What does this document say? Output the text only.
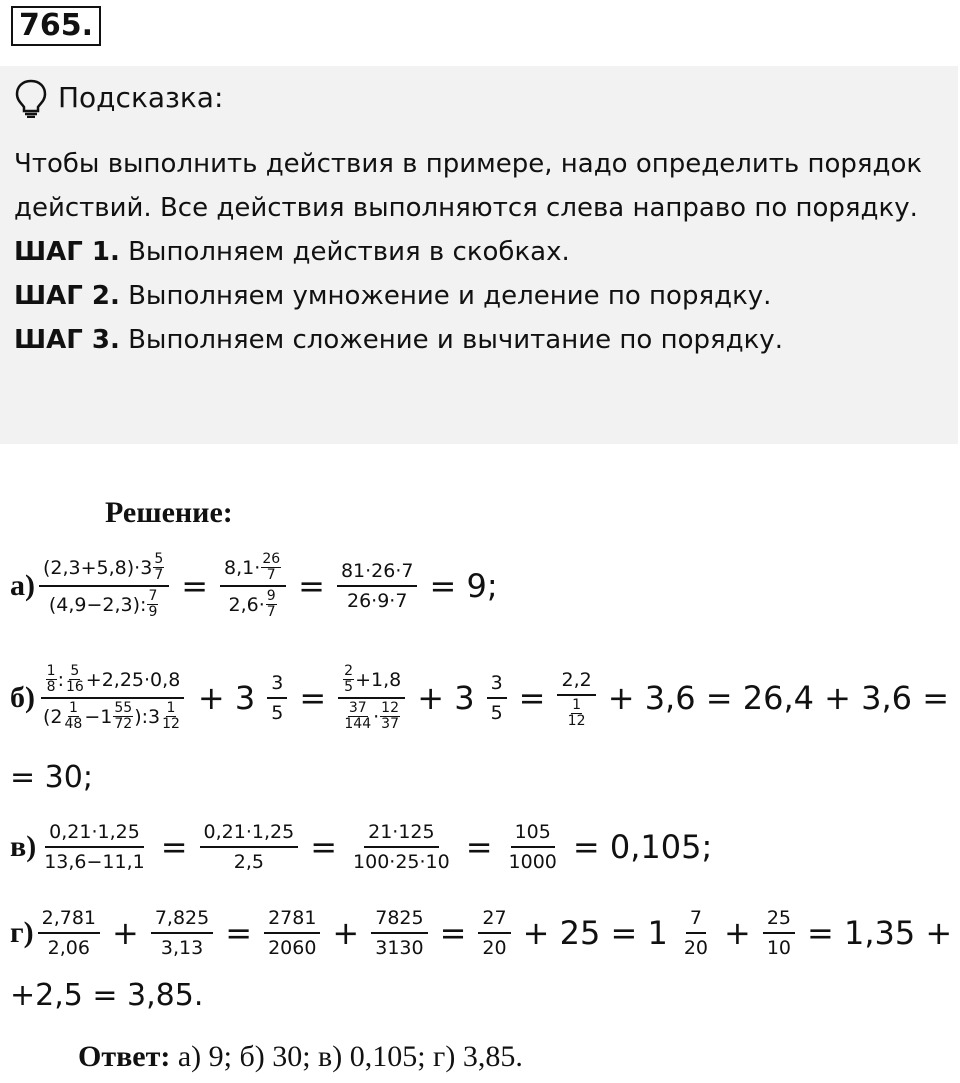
765.
Подсказка:

Чтобы выполнить действия в примере, надо определить порядок действий. Все действия выполняются слева направо по порядку.

ШАГ 1. Выполняем действия в скобках.

ШАГ 2. Выполняем умножение и деление по порядку.

ШАГ 3. Выполняем сложение и вычитание по порядку.

Решение:
а) (2,3+5,8)·3 5
7
(4,9−2,3): 7
9 = 8,1· 26
7
2,6· 9
$7 = \frac{81\cdot 26\cdot 7}{26\cdot 9\cdot 7} = 9$;
б) 1
8 : 5
16 +2,25·0,8
(2 1
48 −1 55
72 ):3 1
$12 + 3 \frac{3}{5} = 2$
5 +1,8
37
144 · 12
$37 + 3 \frac{3}{5} = 2,2$
1
12 + 3,6 = 26,4 + 3,6 =
= 30;
$в) \frac{0,21\cdot 1,25}{13,6-11,1} = \frac{0,21\cdot 1,25}{2,5} = \frac{21\cdot 125}{100\cdot 25\cdot 10} = \frac{105}{1000} = 0,105$;
$г) \frac{2,781}{2,06} + \frac{7,825}{3,13} = \frac{2781}{2060} + \frac{7825}{3130} = \frac{27}{20} + 25 = 1 \frac{7}{20} + \frac{25}{10} = 1,35$ +
+2,5 = 3,85.
Ответ: а) 9; б) 30; в) 0,105; г) 3,85.
